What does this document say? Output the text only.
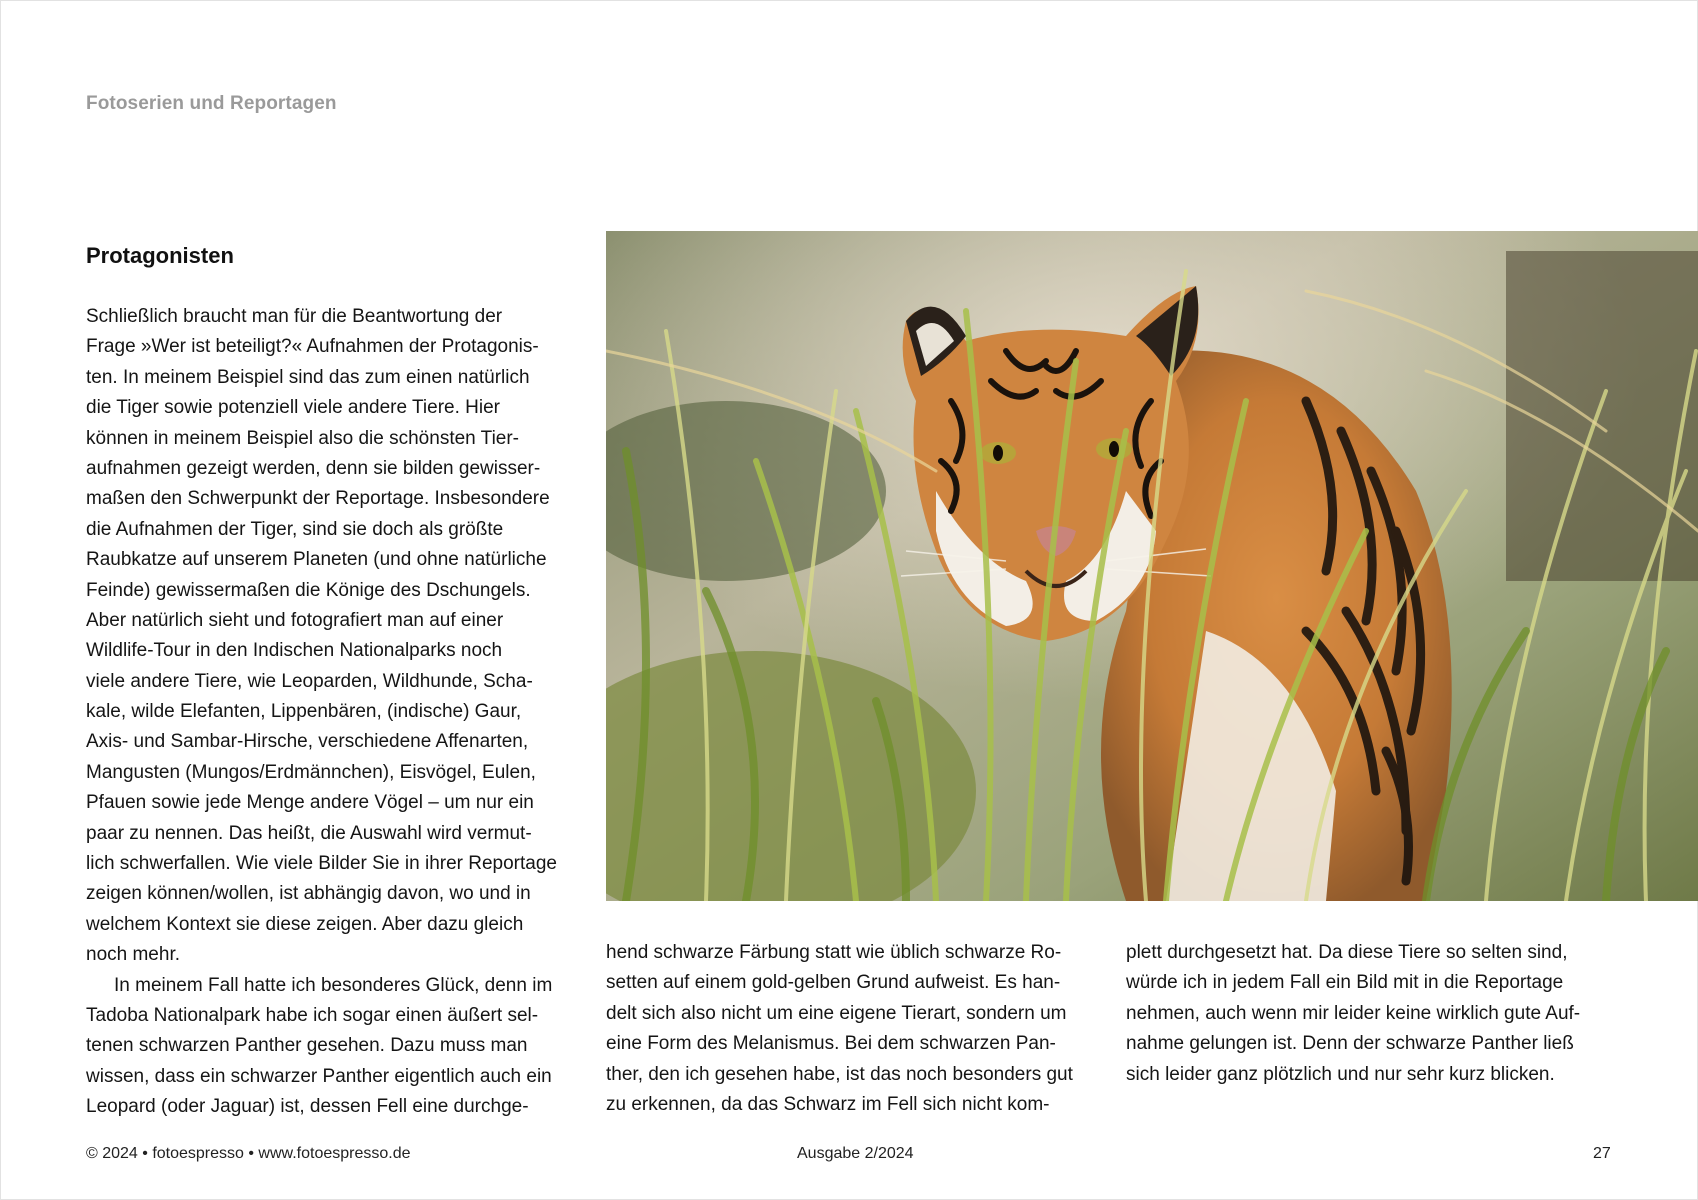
Fotoserien und Reportagen
Protagonisten
Schließlich braucht man für die Beantwortung der
Frage »Wer ist beteiligt?« Aufnahmen der Protagonis-
ten. In meinem Beispiel sind das zum einen natürlich
die Tiger sowie potenziell viele andere Tiere. Hier
können in meinem Beispiel also die schönsten Tier-
aufnahmen gezeigt werden, denn sie bilden gewisser-
maßen den Schwerpunkt der Reportage. Insbesondere
die Aufnahmen der Tiger, sind sie doch als größte
Raubkatze auf unserem Planeten (und ohne natürliche
Feinde) gewissermaßen die Könige des Dschungels.
Aber natürlich sieht und fotografiert man auf einer
Wildlife-Tour in den Indischen Nationalparks noch
viele andere Tiere, wie Leoparden, Wildhunde, Scha-
kale, wilde Elefanten, Lippenbären, (indische) Gaur,
Axis- und Sambar-Hirsche, verschiedene Affenarten,
Mangusten (Mungos/Erdmännchen), Eisvögel, Eulen,
Pfauen sowie jede Menge andere Vögel – um nur ein
paar zu nennen. Das heißt, die Auswahl wird vermut-
lich schwerfallen. Wie viele Bilder Sie in ihrer Reportage
zeigen können/wollen, ist abhängig davon, wo und in
welchem Kontext sie diese zeigen. Aber dazu gleich
noch mehr.
In meinem Fall hatte ich besonderes Glück, denn im
Tadoba Nationalpark habe ich sogar einen äußert sel-
tenen schwarzen Panther gesehen. Dazu muss man
wissen, dass ein schwarzer Panther eigentlich auch ein
Leopard (oder Jaguar) ist, dessen Fell eine durchge-
hend schwarze Färbung statt wie üblich schwarze Ro-
setten auf einem gold-gelben Grund aufweist. Es han-
delt sich also nicht um eine eigene Tierart, sondern um
eine Form des Melanismus. Bei dem schwarzen Pan-
ther, den ich gesehen habe, ist das noch besonders gut
zu erkennen, da das Schwarz im Fell sich nicht kom-
plett durchgesetzt hat. Da diese Tiere so selten sind,
würde ich in jedem Fall ein Bild mit in die Reportage
nehmen, auch wenn mir leider keine wirklich gute Auf-
nahme gelungen ist. Denn der schwarze Panther ließ
sich leider ganz plötzlich und nur sehr kurz blicken.
© 2024 • fotoespresso • www.fotoespresso.de	Ausgabe 2/2024	27
